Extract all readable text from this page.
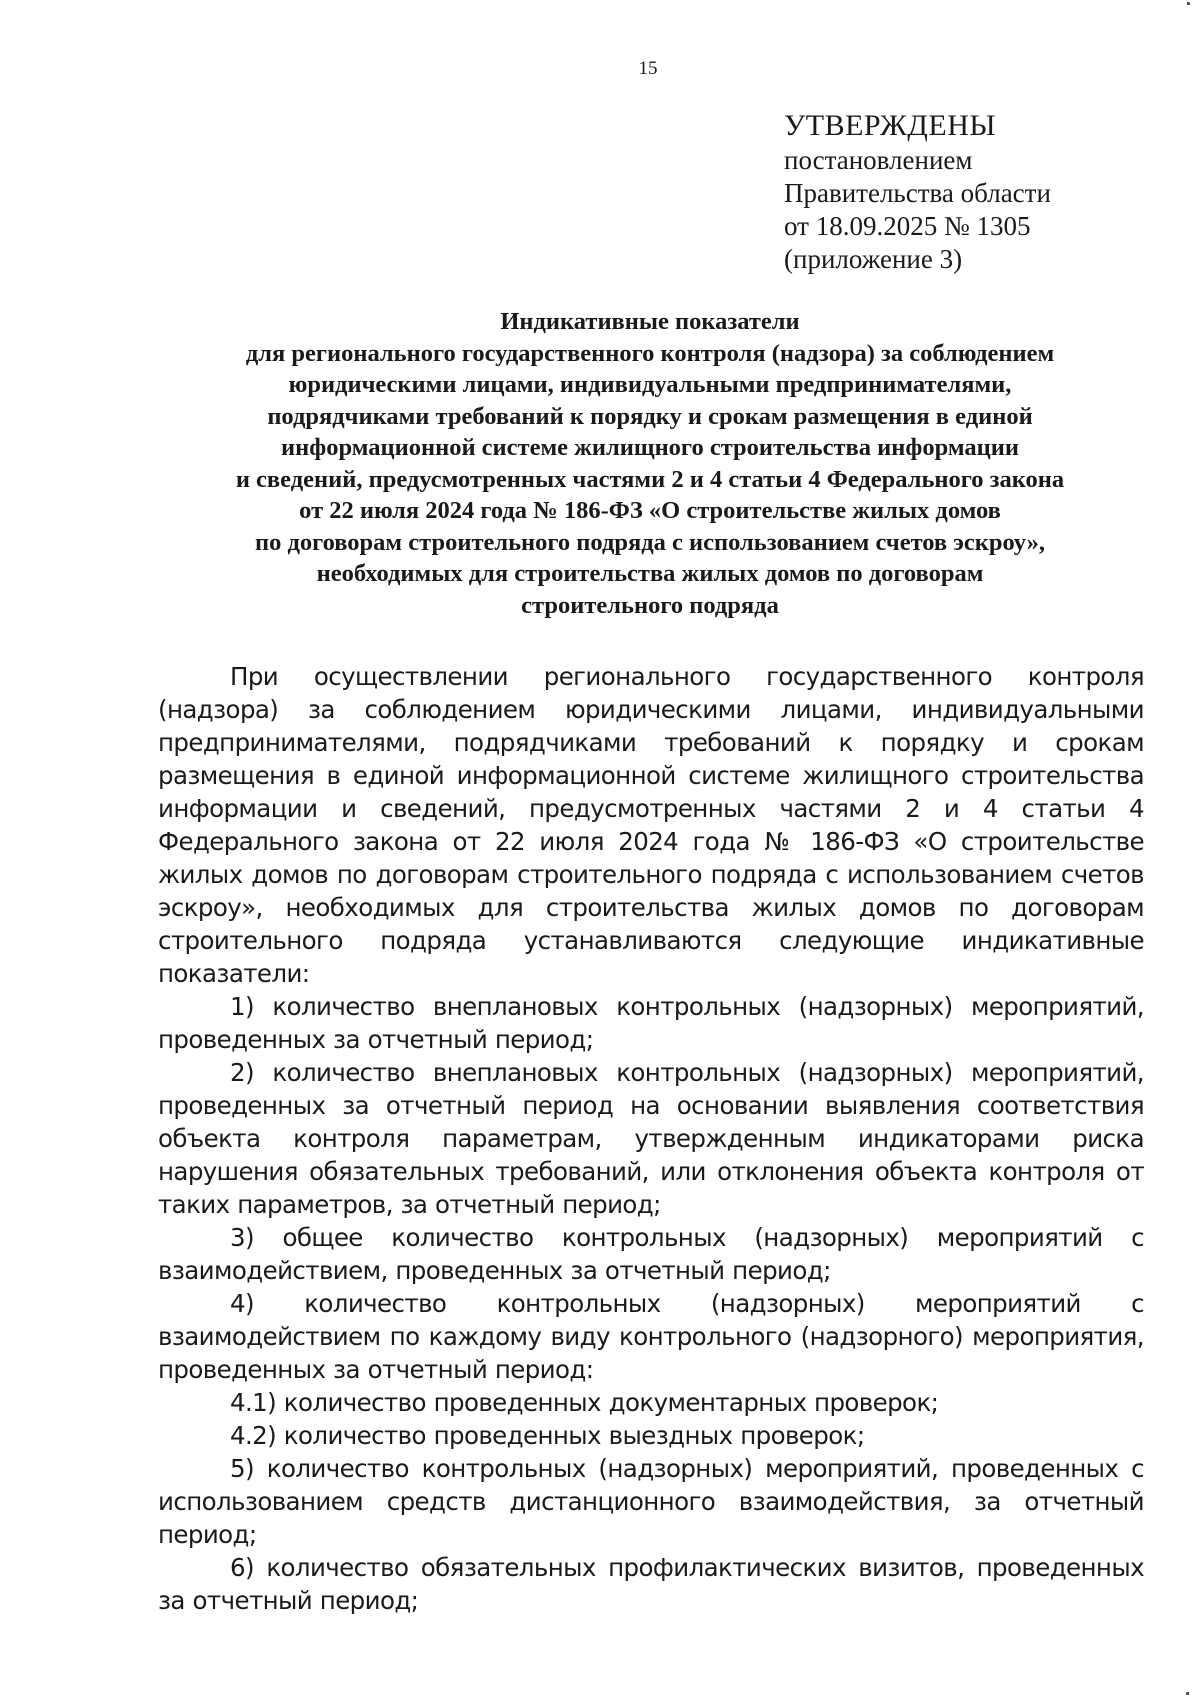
15
УТВЕРЖДЕНЫ
постановлением
Правительства области
от 18.09.2025 № 1305
(приложение 3)
Индикативные показатели
для регионального государственного контроля (надзора) за соблюдением
юридическими лицами, индивидуальными предпринимателями,
подрядчиками требований к порядку и срокам размещения в единой
информационной системе жилищного строительства информации
и сведений, предусмотренных частями 2 и 4 статьи 4 Федерального закона
от 22 июля 2024 года № 186-ФЗ «О строительстве жилых домов
по договорам строительного подряда с использованием счетов эскроу»,
необходимых для строительства жилых домов по договорам
строительного подряда

При осуществлении регионального государственного контроля (надзора) за соблюдением юридическими лицами, индивидуальными предпринимателями, подрядчиками требований к порядку и срокам размещения в единой информационной системе жилищного строительства информации и сведений, предусмотренных частями 2 и 4 статьи 4 Федерального закона от 22 июля 2024 года № 186-ФЗ «О строительстве жилых домов по договорам строительного подряда с использованием счетов эскроу», необходимых для строительства жилых домов по договорам строительного подряда устанавливаются следующие индикативные показатели:

1) количество внеплановых контрольных (надзорных) мероприятий, проведенных за отчетный период;

2) количество внеплановых контрольных (надзорных) мероприятий, проведенных за отчетный период на основании выявления соответствия объекта контроля параметрам, утвержденным индикаторами риска нарушения обязательных требований, или отклонения объекта контроля от таких параметров, за отчетный период;

3) общее количество контрольных (надзорных) мероприятий с взаимодействием, проведенных за отчетный период;

4) количество контрольных (надзорных) мероприятий с взаимодействием по каждому виду контрольного (надзорного) мероприятия, проведенных за отчетный период:

4.1) количество проведенных документарных проверок;

4.2) количество проведенных выездных проверок;

5) количество контрольных (надзорных) мероприятий, проведенных с использованием средств дистанционного взаимодействия, за отчетный период;

6) количество обязательных профилактических визитов, проведенных за отчетный период;
